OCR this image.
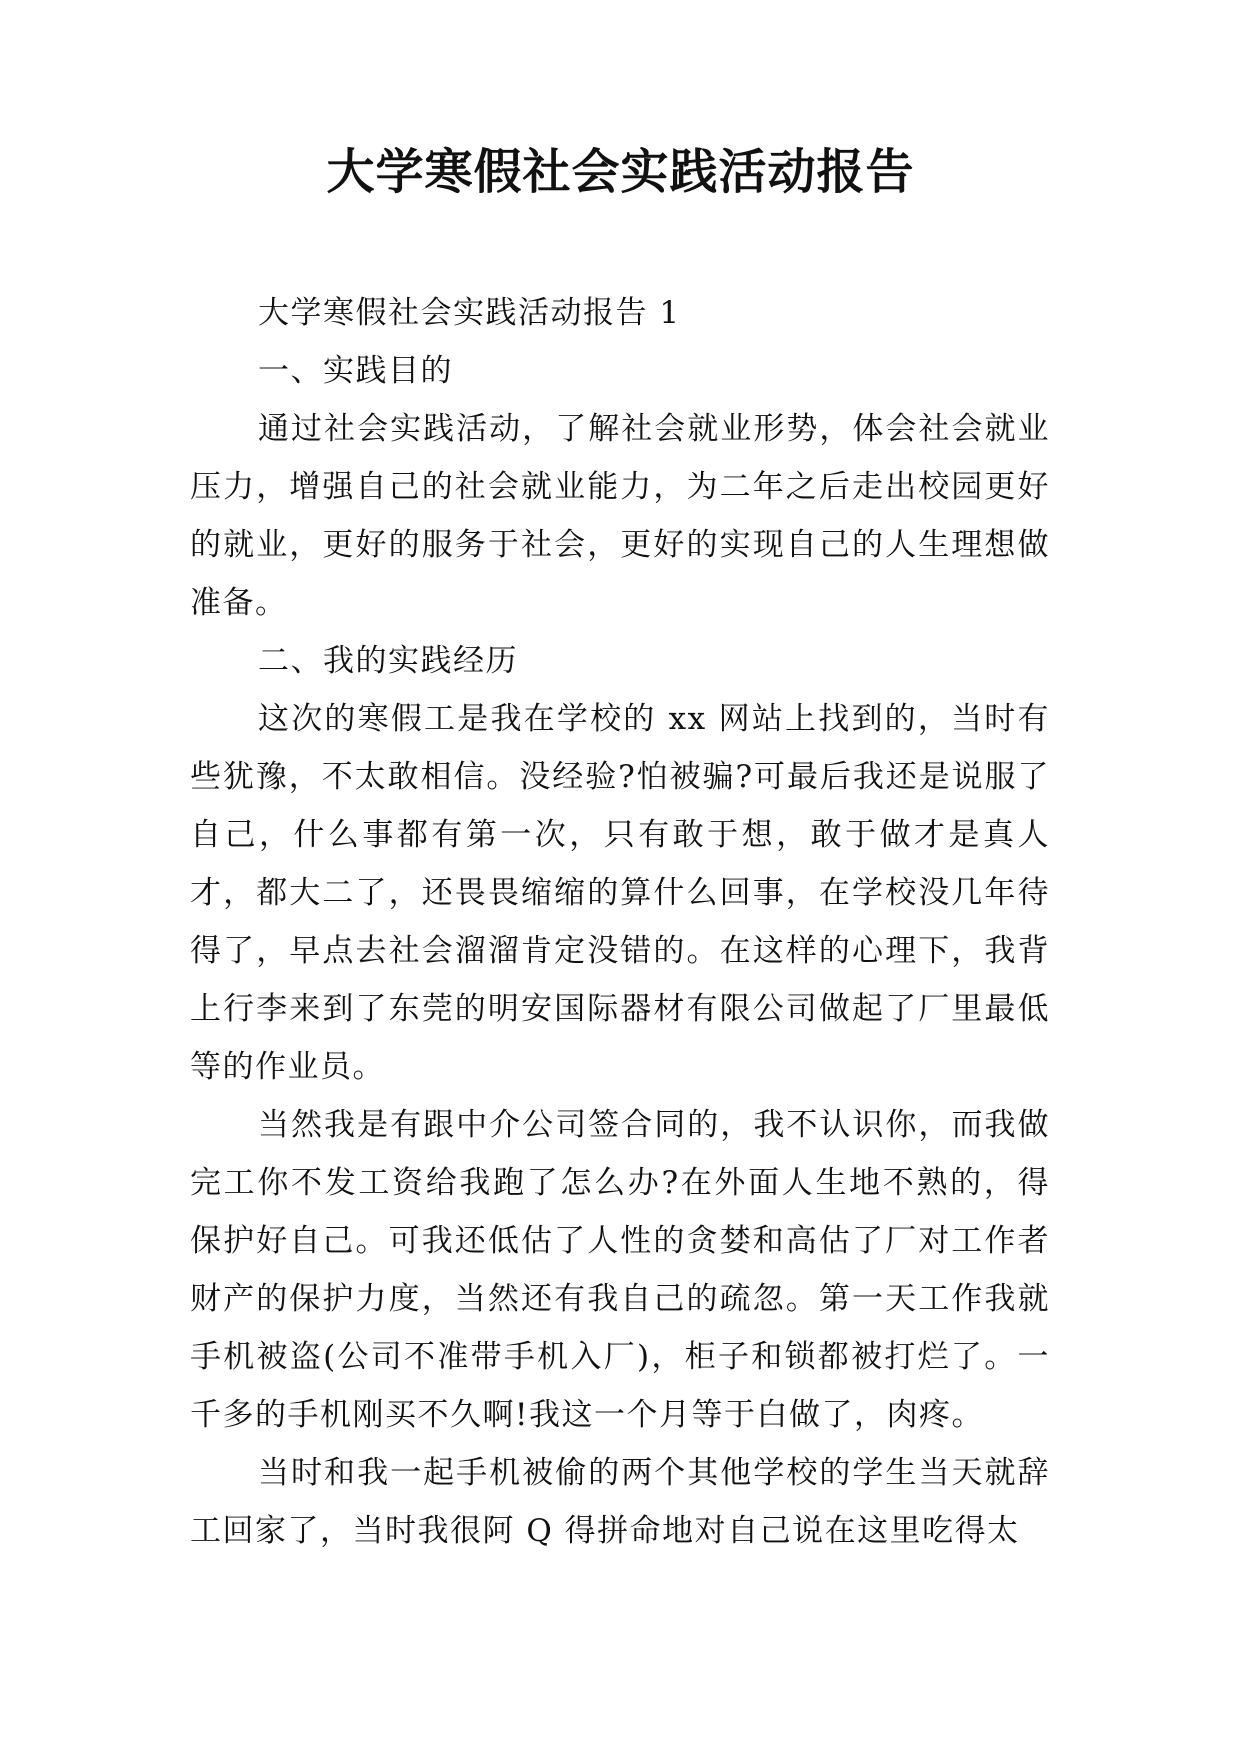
大学寒假社会实践活动报告

大学寒假社会实践活动报告 1

一、实践目的

通过社会实践活动，了解社会就业形势，体会社会就业压力，增强自己的社会就业能力，为二年之后走出校园更好的就业，更好的服务于社会，更好的实现自己的人生理想做准备。

二、我的实践经历

这次的寒假工是我在学校的 xx 网站上找到的，当时有些犹豫，不太敢相信。没经验?怕被骗?可最后我还是说服了自己，什么事都有第一次，只有敢于想，敢于做才是真人才，都大二了，还畏畏缩缩的算什么回事，在学校没几年待得了，早点去社会溜溜肯定没错的。在这样的心理下，我背上行李来到了东莞的明安国际器材有限公司做起了厂里最低等的作业员。

当然我是有跟中介公司签合同的，我不认识你，而我做完工你不发工资给我跑了怎么办?在外面人生地不熟的，得保护好自己。可我还低估了人性的贪婪和高估了厂对工作者财产的保护力度，当然还有我自己的疏忽。第一天工作我就手机被盗(公司不准带手机入厂)，柜子和锁都被打烂了。一千多的手机刚买不久啊!我这一个月等于白做了，肉疼。

当时和我一起手机被偷的两个其他学校的学生当天就辞工回家了，当时我很阿 Q 得拼命地对自己说在这里吃得太
